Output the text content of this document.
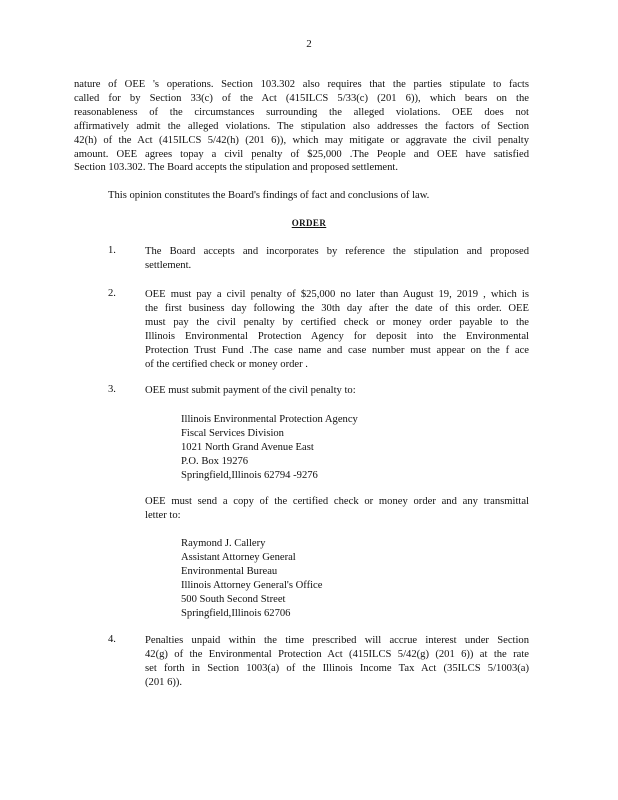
2
nature of OEE 's operations. Section 103.302 also requires that the parties stipulate to facts
called for by Section 33(c) of the Act (415ILCS 5/33(c) (201 6)), which bears on the
reasonableness of the circumstances surrounding the alleged violations. OEE does not
affirmatively admit the alleged violations. The stipulation also addresses the factors of Section
42(h) of the Act (415ILCS 5/42(h) (201 6)), which may mitigate or aggravate the civil penalty
amount. OEE agrees topay a civil penalty of $25,000 .The People and OEE have satisfied
Section 103.302. The Board accepts the stipulation and proposed settlement.
This opinion constitutes the Board's findings of fact and conclusions of law.
ORDER
1.	The Board accepts and incorporates by reference the stipulation and proposed
settlement.
2.	OEE must pay a civil penalty of $25,000 no later than August 19, 2019 , which is
the first business day following the 30th day after the date of this order. OEE
must pay the civil penalty by certified check or money order payable to the
Illinois Environmental Protection Agency for deposit into the Environmental
Protection Trust Fund .The case name and case number must appear on the f ace
of the certified check or money order .
3.	OEE must submit payment of the civil penalty to:
Illinois Environmental Protection Agency
Fiscal Services Division
1021 North Grand Avenue East
P.O. Box 19276
Springfield,Illinois 62794 -9276
OEE must send a copy of the certified check or money order and any transmittal
letter to:
Raymond J. Callery
Assistant Attorney General
Environmental Bureau
Illinois Attorney General's Office
500 South Second Street
Springfield,Illinois 62706
4.	Penalties unpaid within the time prescribed will accrue interest under Section
42(g) of the Environmental Protection Act (415ILCS 5/42(g) (201 6)) at the rate
set forth in Section 1003(a) of the Illinois Income Tax Act (35ILCS 5/1003(a)
(201 6)).
